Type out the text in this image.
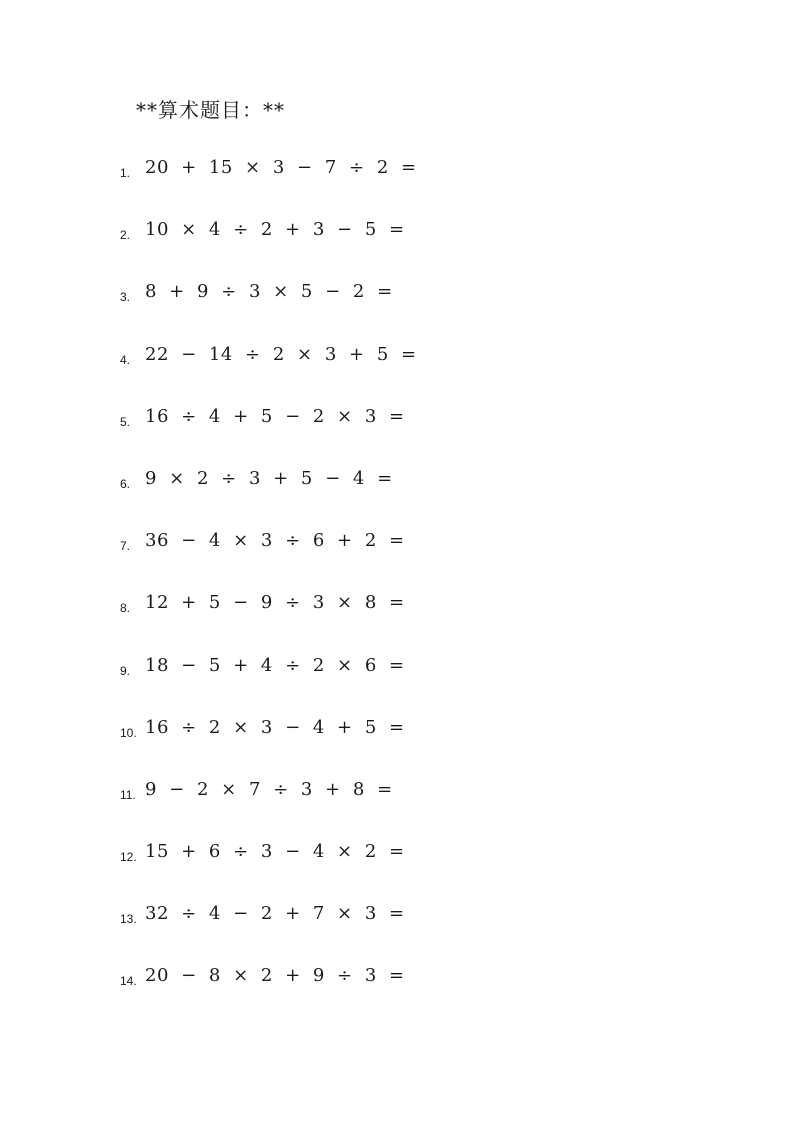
**算术题目：**
1. 20 + 15 × 3 − 7 ÷ 2 =
2. 10 × 4 ÷ 2 + 3 − 5 =
3. 8 + 9 ÷ 3 × 5 − 2 =
4. 22 − 14 ÷ 2 × 3 + 5 =
5. 16 ÷ 4 + 5 − 2 × 3 =
6. 9 × 2 ÷ 3 + 5 − 4 =
7. 36 − 4 × 3 ÷ 6 + 2 =
8. 12 + 5 − 9 ÷ 3 × 8 =
9. 18 − 5 + 4 ÷ 2 × 6 =
10. 16 ÷ 2 × 3 − 4 + 5 =
11. 9 − 2 × 7 ÷ 3 + 8 =
12. 15 + 6 ÷ 3 − 4 × 2 =
13. 32 ÷ 4 − 2 + 7 × 3 =
14. 20 − 8 × 2 + 9 ÷ 3 =
